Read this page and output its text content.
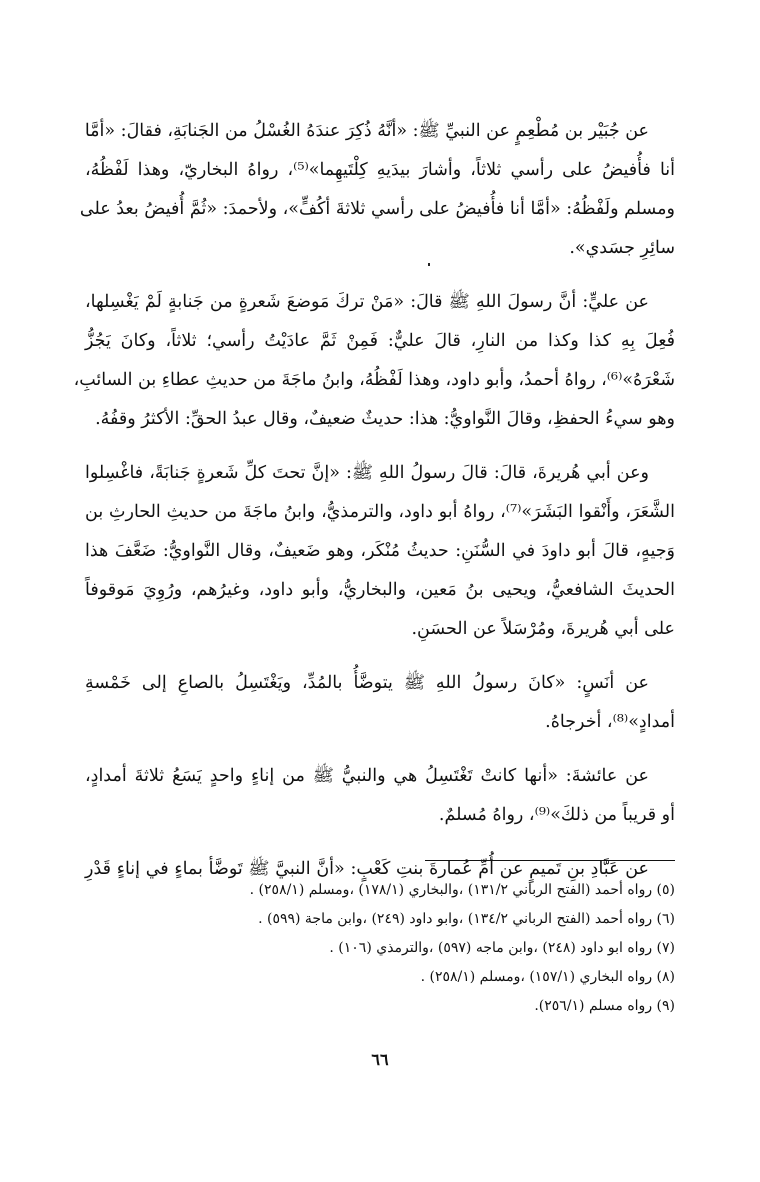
عن جُبَيْر بن مُطْعِمٍ عن النبيِّ ﷺ: «أنَّهُ ذُكِرَ عندَهُ الغُسْلُ من الجَنابَةِ، فقالَ: «أمَّا
أنا فأُفيضُ على رأسي ثلاثاً، وأشارَ بيدَيهِ كِلْتَيهِما»⁽⁵⁾، رواهُ البخاريّ، وهذا لَفْظُهُ،
ومسلم ولَفْظُهُ: «أمَّا أنا فأُفيضُ على رأسي ثلاثةَ أكُفٍّ»، ولأحمدَ: «ثُمَّ أُفيضُ بعدُ على
سائِرِ جسَدي».
عن عليٍّ: أنَّ رسولَ اللهِ ﷺ قالَ: «مَنْ تركَ مَوضعَ شَعرةٍ من جَنابةٍ لَمْ يَغْسِلها،
فُعِلَ بِهِ كذا وكذا من النارِ، قالَ عليٌّ: فَمِنْ ثَمَّ عادَيْتُ رأسي؛ ثلاثاً، وكانَ يَجُزُّ
شَعْرَهُ»⁽⁶⁾، رواهُ أحمدُ، وأبو داود، وهذا لَفْظُهُ، وابنُ ماجَةَ من حديثِ عطاءِ بن السائبِ،
وهو سيءُ الحفظِ، وقالَ النَّواويُّ: هذا: حديثٌ ضعيفٌ، وقال عبدُ الحقِّ: الأكثرُ وقفُهُ.
وعن أبي هُريرةَ، قالَ: قالَ رسولُ اللهِ ﷺ: «إنَّ تحتَ كلِّ شَعرةٍ جَنابَةً، فاغْسِلوا
الشَّعَرَ، وأَنْقوا البَشَرَ»⁽⁷⁾، رواهُ أبو داود، والترمذيُّ، وابنُ ماجَةَ من حديثِ الحارثِ بن
وَجيهٍ، قالَ أبو داودَ في السُّنَنِ: حديثُ مُنْكَر، وهو ضَعيفٌ، وقال النَّواويُّ: ضَعَّفَ هذا
الحديثَ الشافعيُّ، ويحيى بنُ مَعين، والبخاريُّ، وأبو داود، وغيرُهم، ورُوِيَ مَوقوفاً
على أبي هُريرةَ، ومُرْسَلاً عن الحسَنِ.
عن أنَسٍ: «كانَ رسولُ اللهِ ﷺ يتوضَّأُ بالمُدِّ، ويَغْتَسِلُ بالصاعِ إلى خَمْسةِ
أمدادٍ»⁽⁸⁾، أخرجاهُ.
عن عائشةَ: «أنها كانتْ تَغْتَسِلُ هي والنبيُّ ﷺ من إناءٍ واحدٍ يَسَعُ ثلاثةَ أمدادٍ،
أو قريباً من ذلكَ»⁽⁹⁾، رواهُ مُسلمٌ.
عن عَبَّادِ بنِ تَميمٍ عن أُمِّ عُمارةَ بنتِ كَعْبٍ: «أنَّ النبيَّ ﷺ تَوضَّأ بماءٍ في إناءٍ قَدْرِ
(٥) رواه أحمد (الفتح الرباني ١٣١/٢) ،والبخاري (١٧٨/١) ،ومسلم (٢٥٨/١) .
(٦) رواه أحمد (الفتح الرباني ١٣٤/٢) ،وابو داود (٢٤٩) ،وابن ماجة (٥٩٩) .
(٧) رواه ابو داود (٢٤٨) ،وابن ماجه (٥٩٧) ،والترمذي (١٠٦) .
(٨) رواه البخاري (١٥٧/١) ،ومسلم (٢٥٨/١) .
(٩) رواه مسلم (٢٥٦/١).
٦٦
